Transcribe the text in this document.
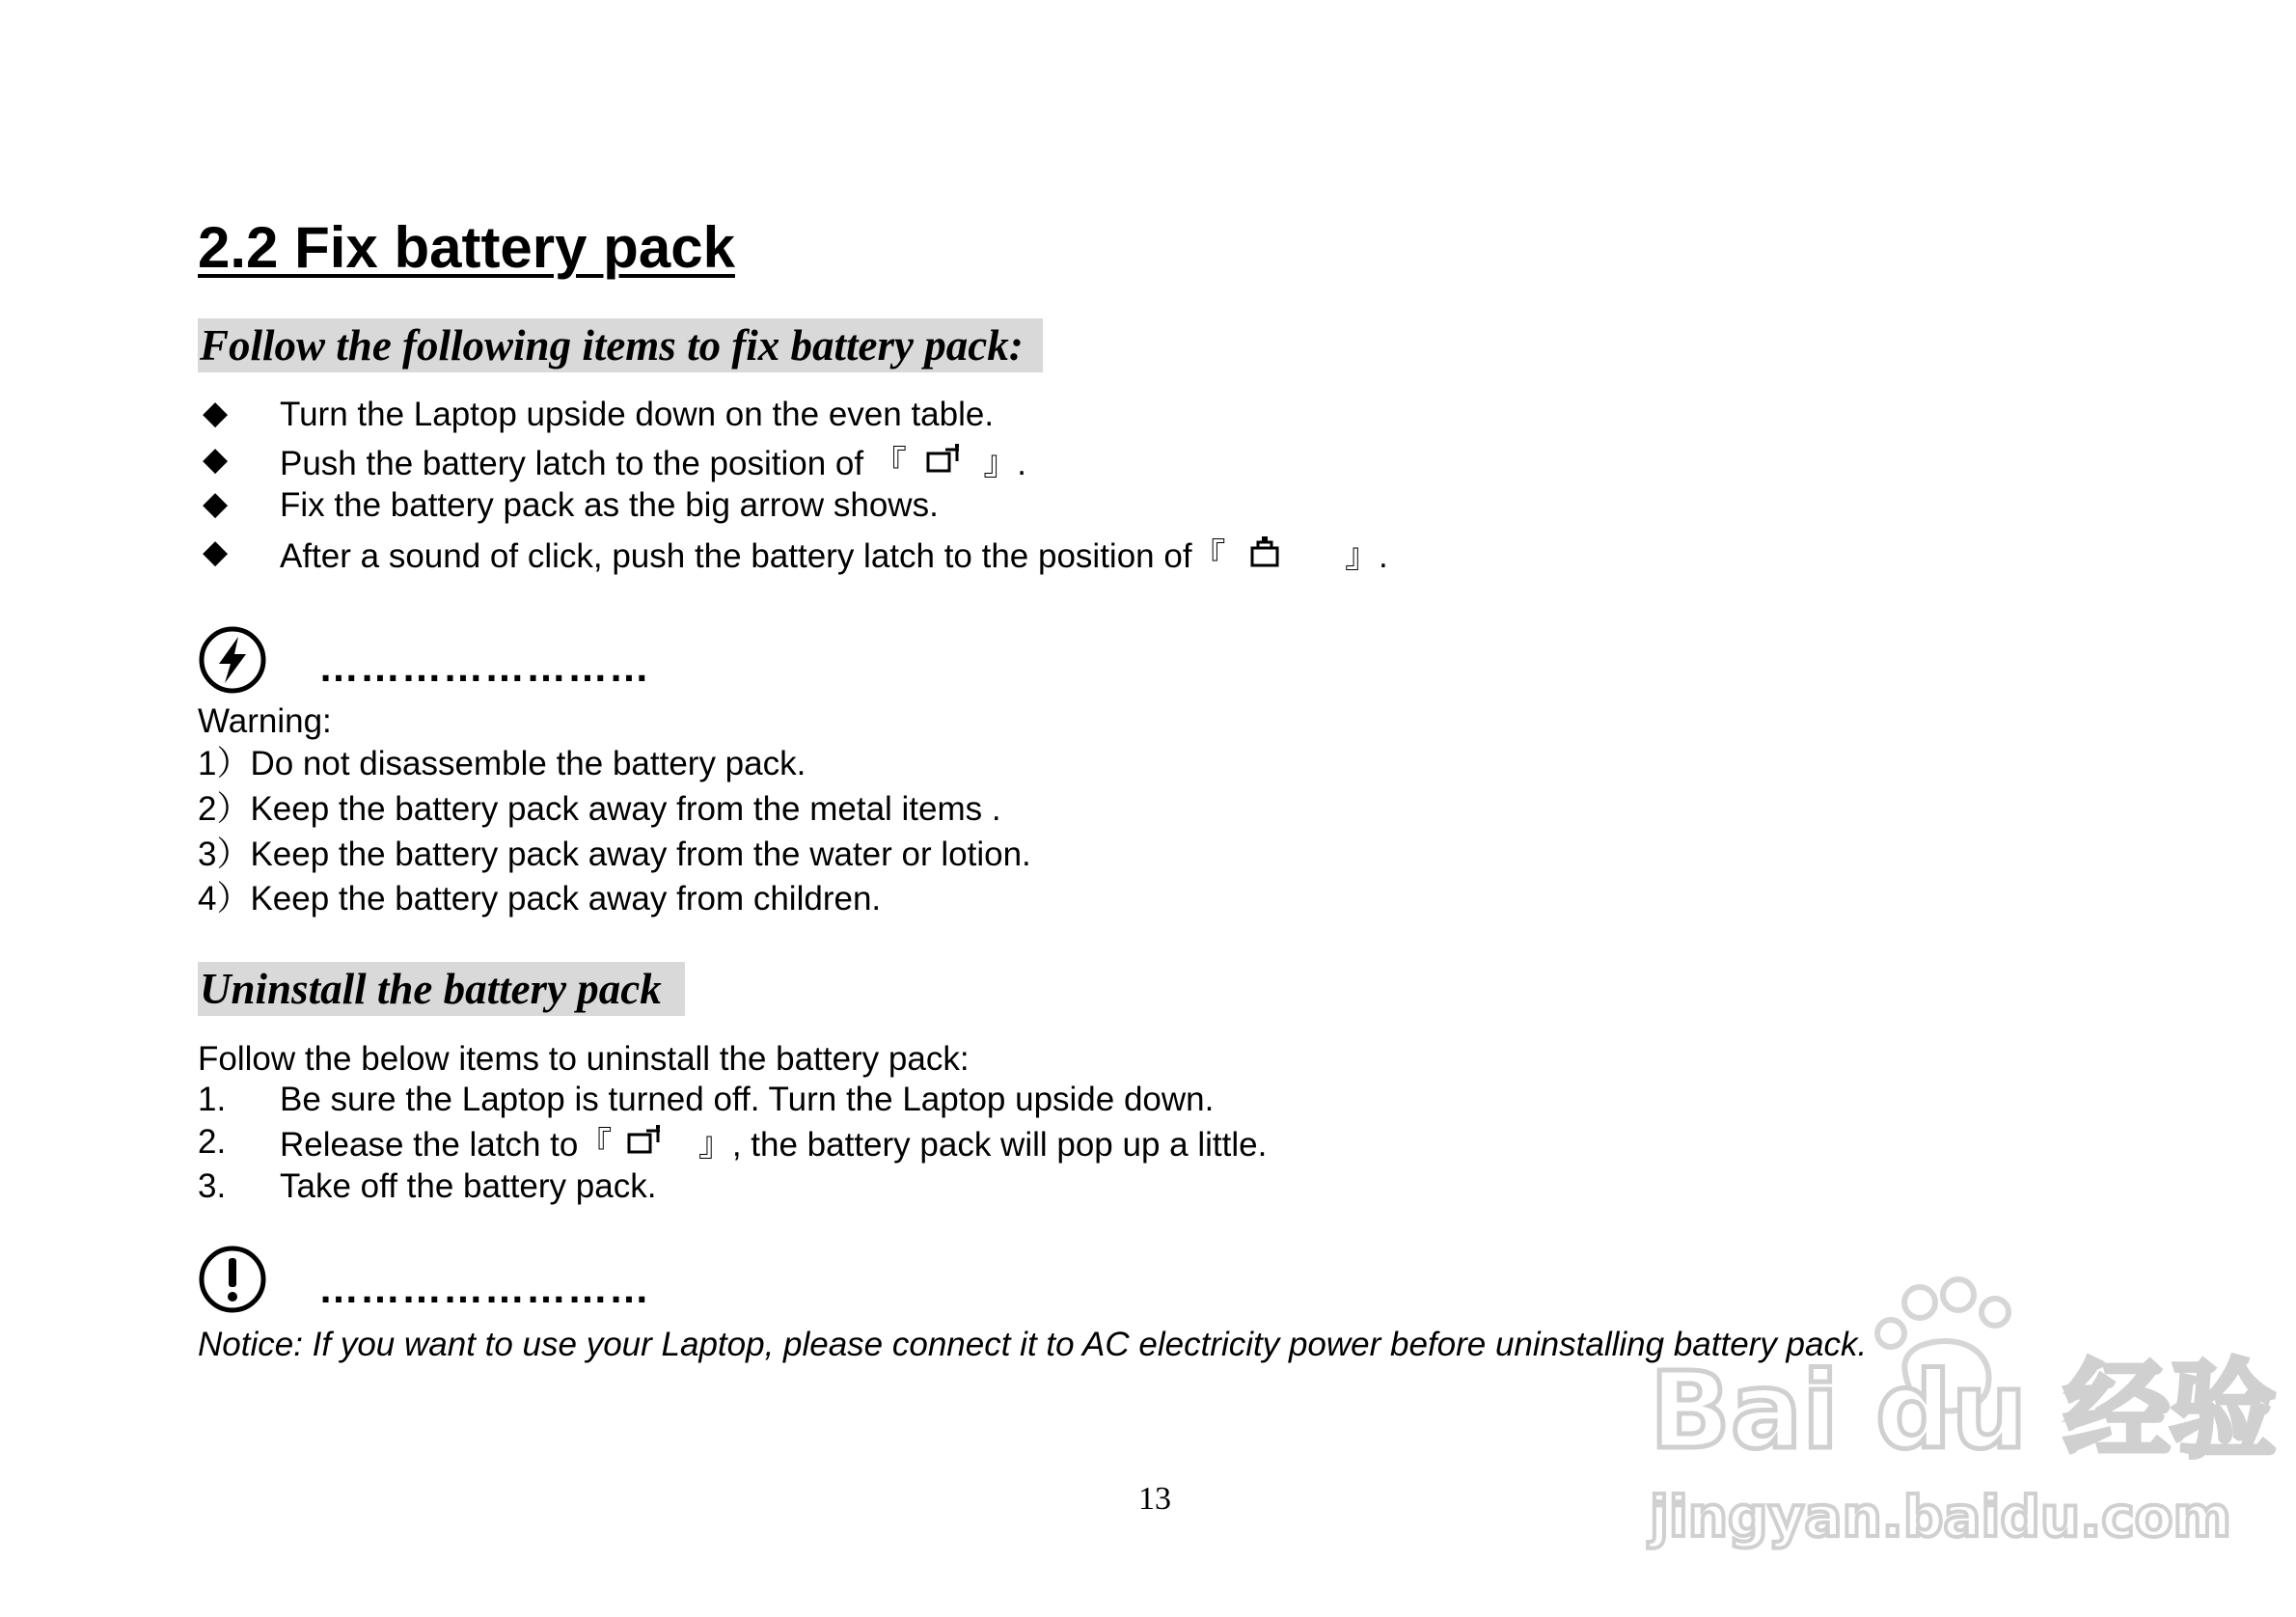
2.2 Fix battery pack
Follow the following items to fix battery pack:
◆ Turn the Laptop upside down on the even table.
◆ Push the battery latch to the position of 『 』.
◆ Fix the battery pack as the big arrow shows.
◆ After a sound of click, push the battery latch to the position of『	』.
……………………
Warning:
1）Do not disassemble the battery pack.
2）Keep the battery pack away from the metal items .
3）Keep the battery pack away from the water or lotion.
4）Keep the battery pack away from children.
Uninstall the battery pack
Follow the below items to uninstall the battery pack:
1. Be sure the Laptop is turned off. Turn the Laptop upside down.
2. Release the latch to『	』, the battery pack will pop up a little.
3. Take off the battery pack.
……………………
Notice: If you want to use your Laptop, please connect it to AC electricity power before uninstalling battery pack.
13
Bai du 经验
jingyan.baidu.com
